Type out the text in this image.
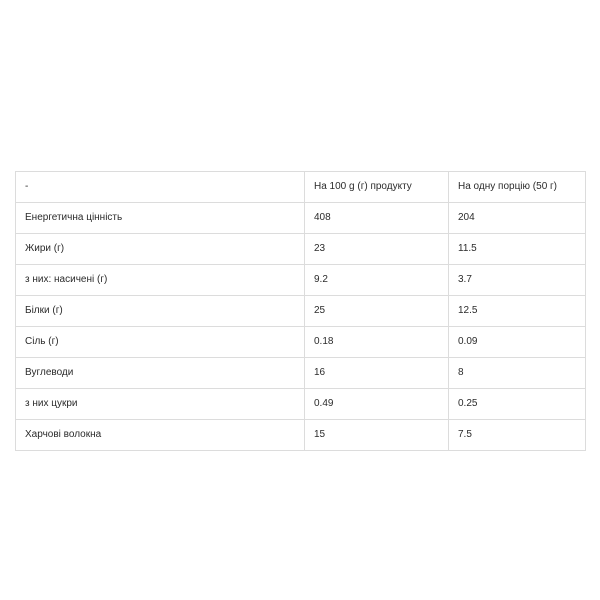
-	На 100 g (г) продукту	На одну порцію (50 г)
Енергетична цінність	408	204
Жири (г)	23	11.5
з них: насичені (г)	9.2	3.7
Білки (г)	25	12.5
Сіль (г)	0.18	0.09
Вуглеводи	16	8
з них цукри	0.49	0.25
Харчові волокна	15	7.5
